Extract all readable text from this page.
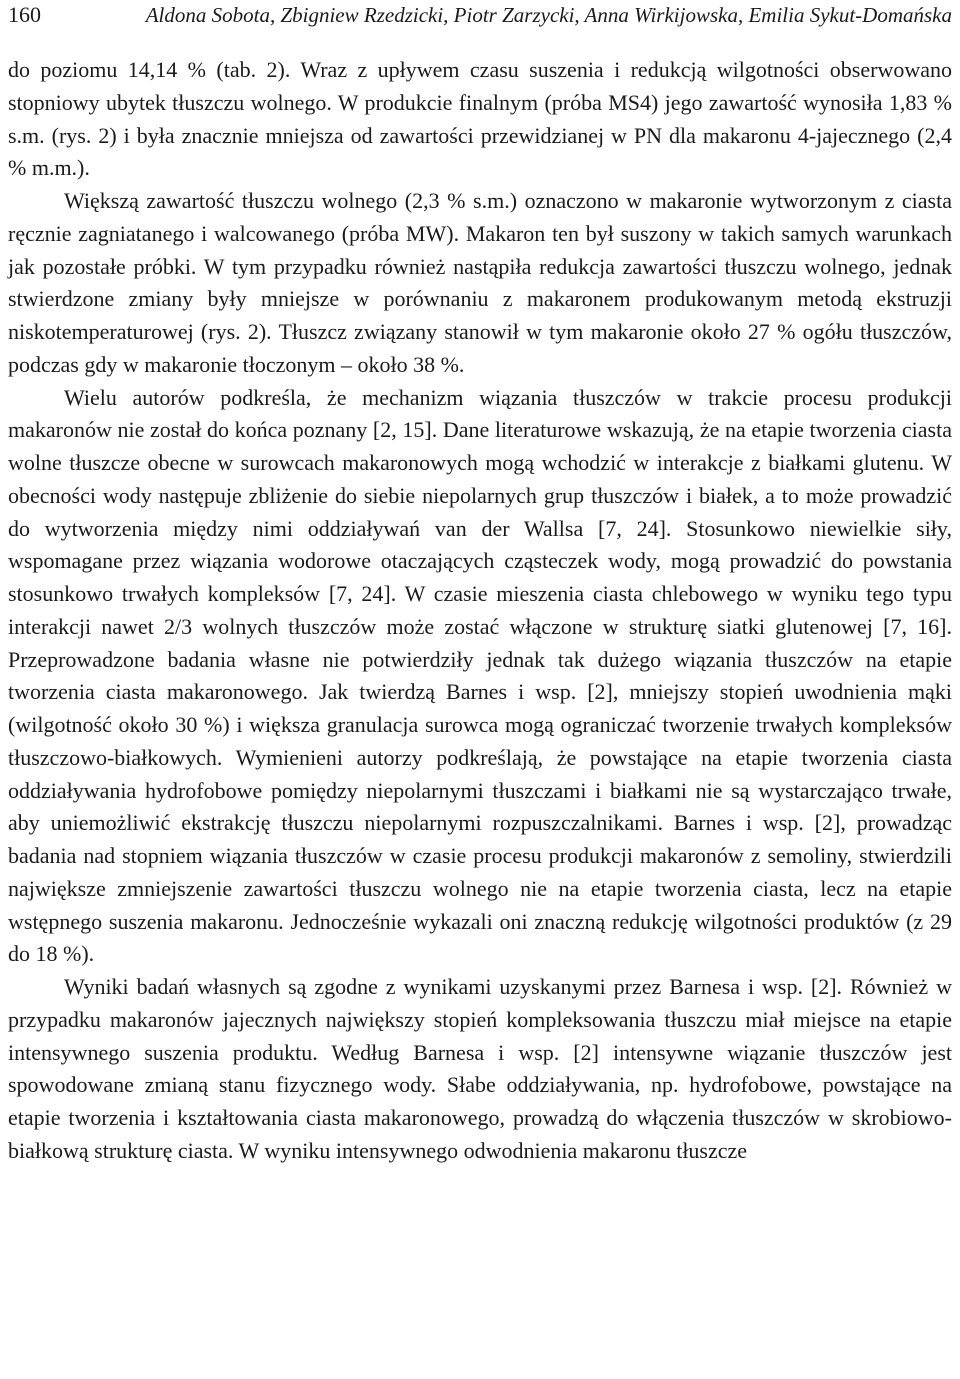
160	Aldona Sobota, Zbigniew Rzedzicki, Piotr Zarzycki, Anna Wirkijowska, Emilia Sykut-Domańska

do poziomu 14,14 % (tab. 2). Wraz z upływem czasu suszenia i redukcją wilgotności obserwowano stopniowy ubytek tłuszczu wolnego. W produkcie finalnym (próba MS4) jego zawartość wynosiła 1,83 % s.m. (rys. 2) i była znacznie mniejsza od zawartości przewidzianej w PN dla makaronu 4-jajecznego (2,4 % m.m.).

Większą zawartość tłuszczu wolnego (2,3 % s.m.) oznaczono w makaronie wytworzonym z ciasta ręcznie zagniatanego i walcowanego (próba MW). Makaron ten był suszony w takich samych warunkach jak pozostałe próbki. W tym przypadku również nastąpiła redukcja zawartości tłuszczu wolnego, jednak stwierdzone zmiany były mniejsze w porównaniu z makaronem produkowanym metodą ekstruzji niskotemperaturowej (rys. 2). Tłuszcz związany stanowił w tym makaronie około 27 % ogółu tłuszczów, podczas gdy w makaronie tłoczonym – około 38 %.

Wielu autorów podkreśla, że mechanizm wiązania tłuszczów w trakcie procesu produkcji makaronów nie został do końca poznany [2, 15]. Dane literaturowe wskazują, że na etapie tworzenia ciasta wolne tłuszcze obecne w surowcach makaronowych mogą wchodzić w interakcje z białkami glutenu. W obecności wody następuje zbliżenie do siebie niepolarnych grup tłuszczów i białek, a to może prowadzić do wytworzenia między nimi oddziaływań van der Wallsa [7, 24]. Stosunkowo niewielkie siły, wspomagane przez wiązania wodorowe otaczających cząsteczek wody, mogą prowadzić do powstania stosunkowo trwałych kompleksów [7, 24]. W czasie mieszenia ciasta chlebowego w wyniku tego typu interakcji nawet 2/3 wolnych tłuszczów może zostać włączone w strukturę siatki glutenowej [7, 16]. Przeprowadzone badania własne nie potwierdziły jednak tak dużego wiązania tłuszczów na etapie tworzenia ciasta makaronowego. Jak twierdzą Barnes i wsp. [2], mniejszy stopień uwodnienia mąki (wilgotność około 30 %) i większa granulacja surowca mogą ograniczać tworzenie trwałych kompleksów tłuszczowo-białkowych. Wymienieni autorzy podkreślają, że powstające na etapie tworzenia ciasta oddziaływania hydrofobowe pomiędzy niepolarnymi tłuszczami i białkami nie są wystarczająco trwałe, aby uniemożliwić ekstrakcję tłuszczu niepolarnymi rozpuszczalnikami. Barnes i wsp. [2], prowadząc badania nad stopniem wiązania tłuszczów w czasie procesu produkcji makaronów z semoliny, stwierdzili największe zmniejszenie zawartości tłuszczu wolnego nie na etapie tworzenia ciasta, lecz na etapie wstępnego suszenia makaronu. Jednocześnie wykazali oni znaczną redukcję wilgotności produktów (z 29 do 18 %).

Wyniki badań własnych są zgodne z wynikami uzyskanymi przez Barnesa i wsp. [2]. Również w przypadku makaronów jajecznych największy stopień kompleksowania tłuszczu miał miejsce na etapie intensywnego suszenia produktu. Według Barnesa i wsp. [2] intensywne wiązanie tłuszczów jest spowodowane zmianą stanu fizycznego wody. Słabe oddziaływania, np. hydrofobowe, powstające na etapie tworzenia i kształtowania ciasta makaronowego, prowadzą do włączenia tłuszczów w skrobiowo-białkową strukturę ciasta. W wyniku intensywnego odwodnienia makaronu tłuszcze
